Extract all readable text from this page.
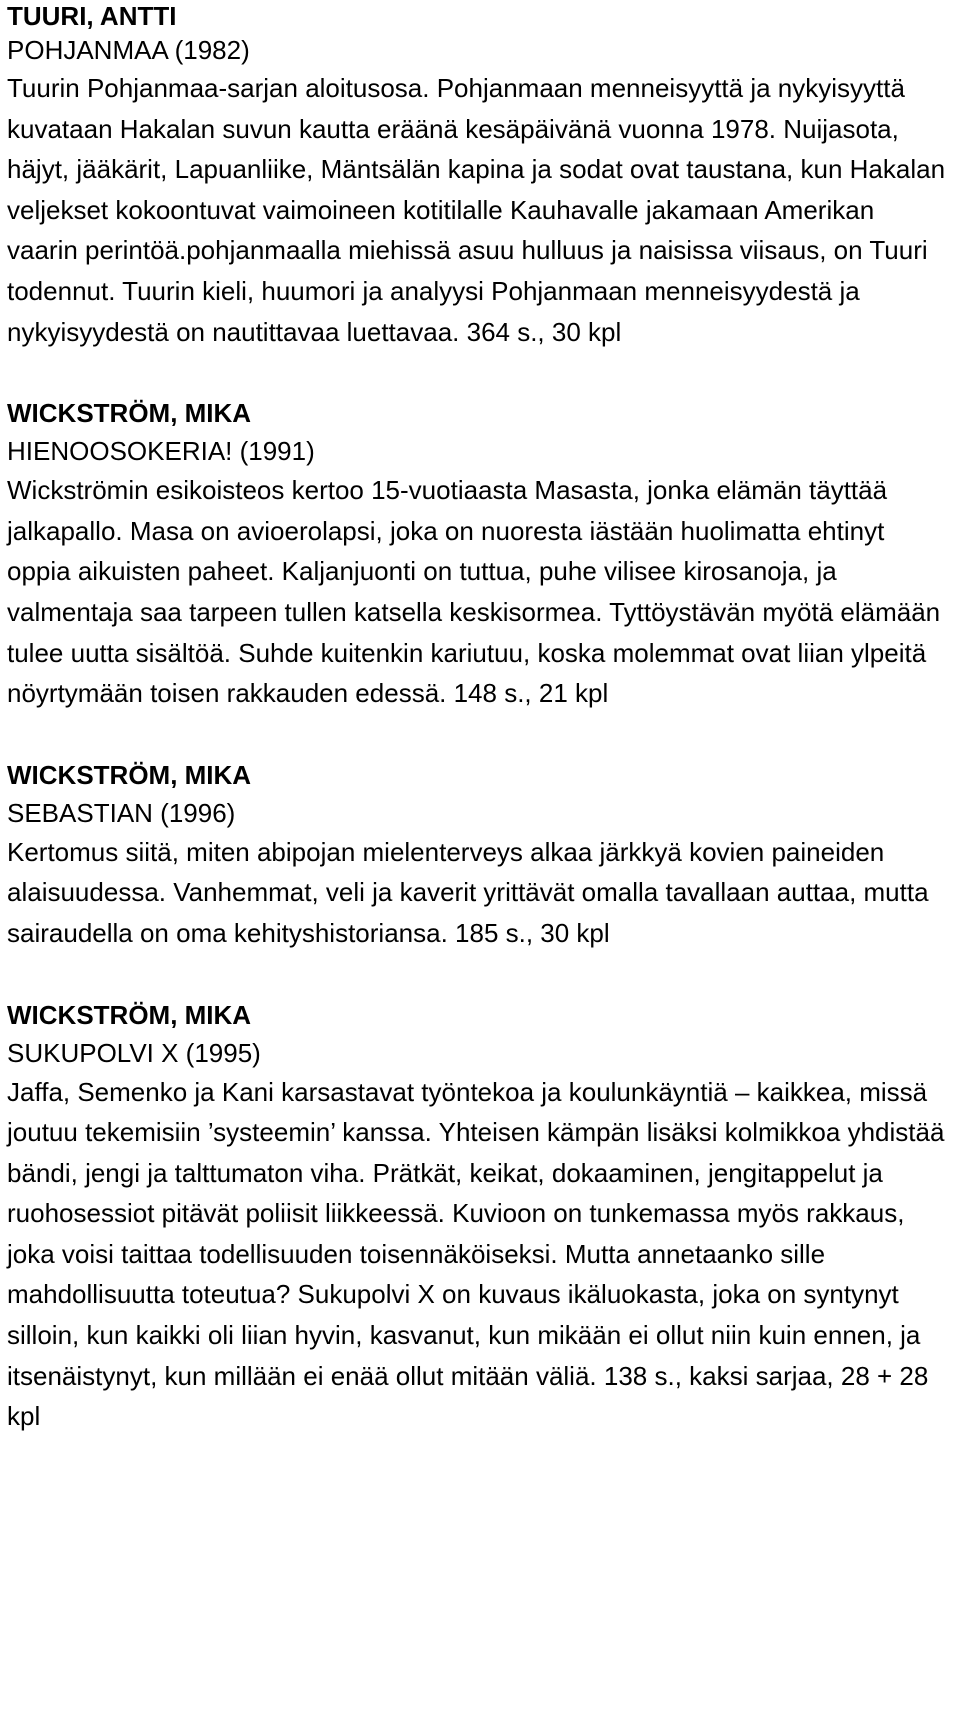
TUURI, ANTTI
POHJANMAA (1982)
Tuurin Pohjanmaa-sarjan aloitusosa. Pohjanmaan menneisyyttä ja nykyisyyttä kuvataan Hakalan suvun kautta eräänä kesäpäivänä vuonna 1978. Nuijasota, häjyt, jääkärit, Lapuanliike, Mäntsälän kapina ja sodat ovat taustana, kun Hakalan veljekset kokoontuvat vaimoineen kotitilalle Kauhavalle jakamaan Amerikan vaarin perintöä.pohjanmaalla miehissä asuu hulluus ja naisissa viisaus, on Tuuri todennut. Tuurin kieli, huumori ja analyysi Pohjanmaan menneisyydestä ja nykyisyydestä on nautittavaa luettavaa. 364 s., 30 kpl
WICKSTRÖM, MIKA
HIENOOSOKERIA! (1991)
Wickströmin esikoisteos kertoo 15-vuotiaasta Masasta, jonka elämän täyttää jalkapallo. Masa on avioerolapsi, joka on nuoresta iästään huolimatta ehtinyt oppia aikuisten paheet. Kaljanjuonti on tuttua, puhe vilisee kirosanoja, ja valmentaja saa tarpeen tullen katsella keskisormea. Tyttöystävän myötä elämään tulee uutta sisältöä. Suhde kuitenkin kariutuu, koska molemmat ovat liian ylpeitä nöyrtymään toisen rakkauden edessä. 148 s., 21 kpl
WICKSTRÖM, MIKA
SEBASTIAN (1996)
Kertomus siitä, miten abipojan mielenterveys alkaa järkkyä kovien paineiden alaisuudessa. Vanhemmat, veli ja kaverit yrittävät omalla tavallaan auttaa, mutta sairaudella on oma kehityshistoriansa. 185 s., 30 kpl
WICKSTRÖM, MIKA
SUKUPOLVI X (1995)
Jaffa, Semenko ja Kani karsastavat työntekoa ja koulunkäyntiä – kaikkea, missä joutuu tekemisiin ’systeemin’ kanssa. Yhteisen kämpän lisäksi kolmikkoa yhdistää bändi, jengi ja talttumaton viha. Prätkät, keikat, dokaaminen, jengitappelut ja ruohosessiot pitävät poliisit liikkeessä. Kuvioon on tunkemassa myös rakkaus, joka voisi taittaa todellisuuden toisennäköiseksi. Mutta annetaanko sille mahdollisuutta toteutua? Sukupolvi X on kuvaus ikäluokasta, joka on syntynyt silloin, kun kaikki oli liian hyvin, kasvanut, kun mikään ei ollut niin kuin ennen, ja itsenäistynyt, kun millään ei enää ollut mitään väliä. 138 s., kaksi sarjaa, 28 + 28 kpl
